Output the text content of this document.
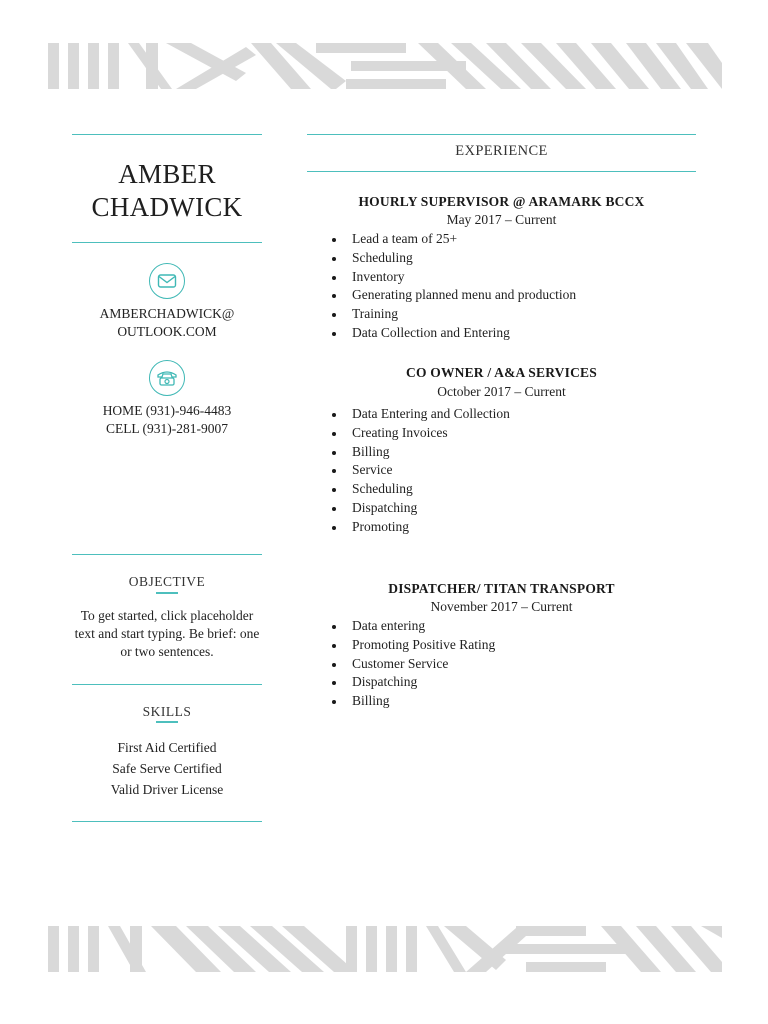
AMBER
CHADWICK
AMBERCHADWICK@
OUTLOOK.COM
HOME (931)-946-4483
CELL (931)-281-9007
OBJECTIVE
To get started, click placeholder
text and start typing. Be brief: one
or two sentences.
SKILLS
First Aid Certified
Safe Serve Certified
Valid Driver License
EXPERIENCE
HOURLY SUPERVISOR @ ARAMARK BCCX
May 2017 – Current
Lead a team of 25+
Scheduling
Inventory
Generating planned menu and production
Training
Data Collection and Entering
CO OWNER / A&A SERVICES
October 2017 – Current
Data Entering and Collection
Creating Invoices
Billing
Service
Scheduling
Dispatching
Promoting
DISPATCHER/ TITAN TRANSPORT
November 2017 – Current
Data entering
Promoting Positive Rating
Customer Service
Dispatching
Billing
